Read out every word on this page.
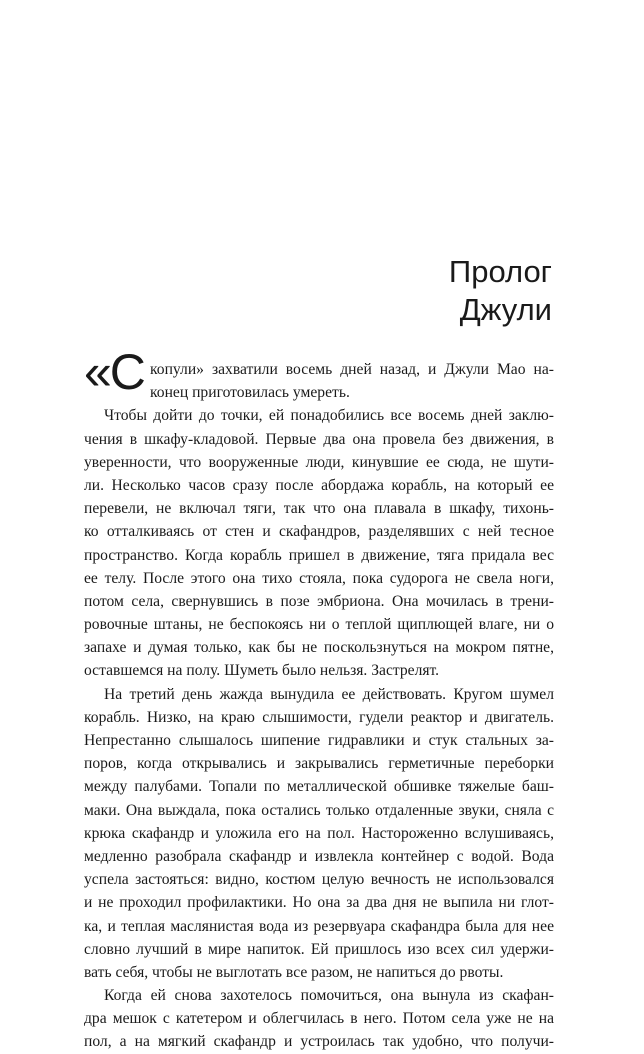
Пролог
Джули
«С копули» захватили восемь дней назад, и Джули Мао на-
конец приготовилась умереть.
Чтобы дойти до точки, ей понадобились все восемь дней заклю-
чения в шкафу-кладовой. Первые два она провела без движения, в
уверенности, что вооруженные люди, кинувшие ее сюда, не шути-
ли. Несколько часов сразу после абордажа корабль, на который ее
перевели, не включал тяги, так что она плавала в шкафу, тихонь-
ко отталкиваясь от стен и скафандров, разделявших с ней тесное
пространство. Когда корабль пришел в движение, тяга придала вес
ее телу. После этого она тихо стояла, пока судорога не свела ноги,
потом села, свернувшись в позе эмбриона. Она мочилась в трени-
ровочные штаны, не беспокоясь ни о теплой щиплющей влаге, ни о
запахе и думая только, как бы не поскользнуться на мокром пятне,
оставшемся на полу. Шуметь было нельзя. Застрелят.
На третий день жажда вынудила ее действовать. Кругом шумел
корабль. Низко, на краю слышимости, гудели реактор и двигатель.
Непрестанно слышалось шипение гидравлики и стук стальных за-
поров, когда открывались и закрывались герметичные переборки
между палубами. Топали по металлической обшивке тяжелые баш-
маки. Она выждала, пока остались только отдаленные звуки, сняла с
крюка скафандр и уложила его на пол. Настороженно вслушиваясь,
медленно разобрала скафандр и извлекла контейнер с водой. Вода
успела застояться: видно, костюм целую вечность не использовался
и не проходил профилактики. Но она за два дня не выпила ни глот-
ка, и теплая маслянистая вода из резервуара скафандра была для нее
словно лучший в мире напиток. Ей пришлось изо всех сил удержи-
вать себя, чтобы не выглотать все разом, не напиться до рвоты.
Когда ей снова захотелось помочиться, она вынула из скафан-
дра мешок с катетером и облегчилась в него. Потом села уже не на
пол, а на мягкий скафандр и устроилась так удобно, что получи-
